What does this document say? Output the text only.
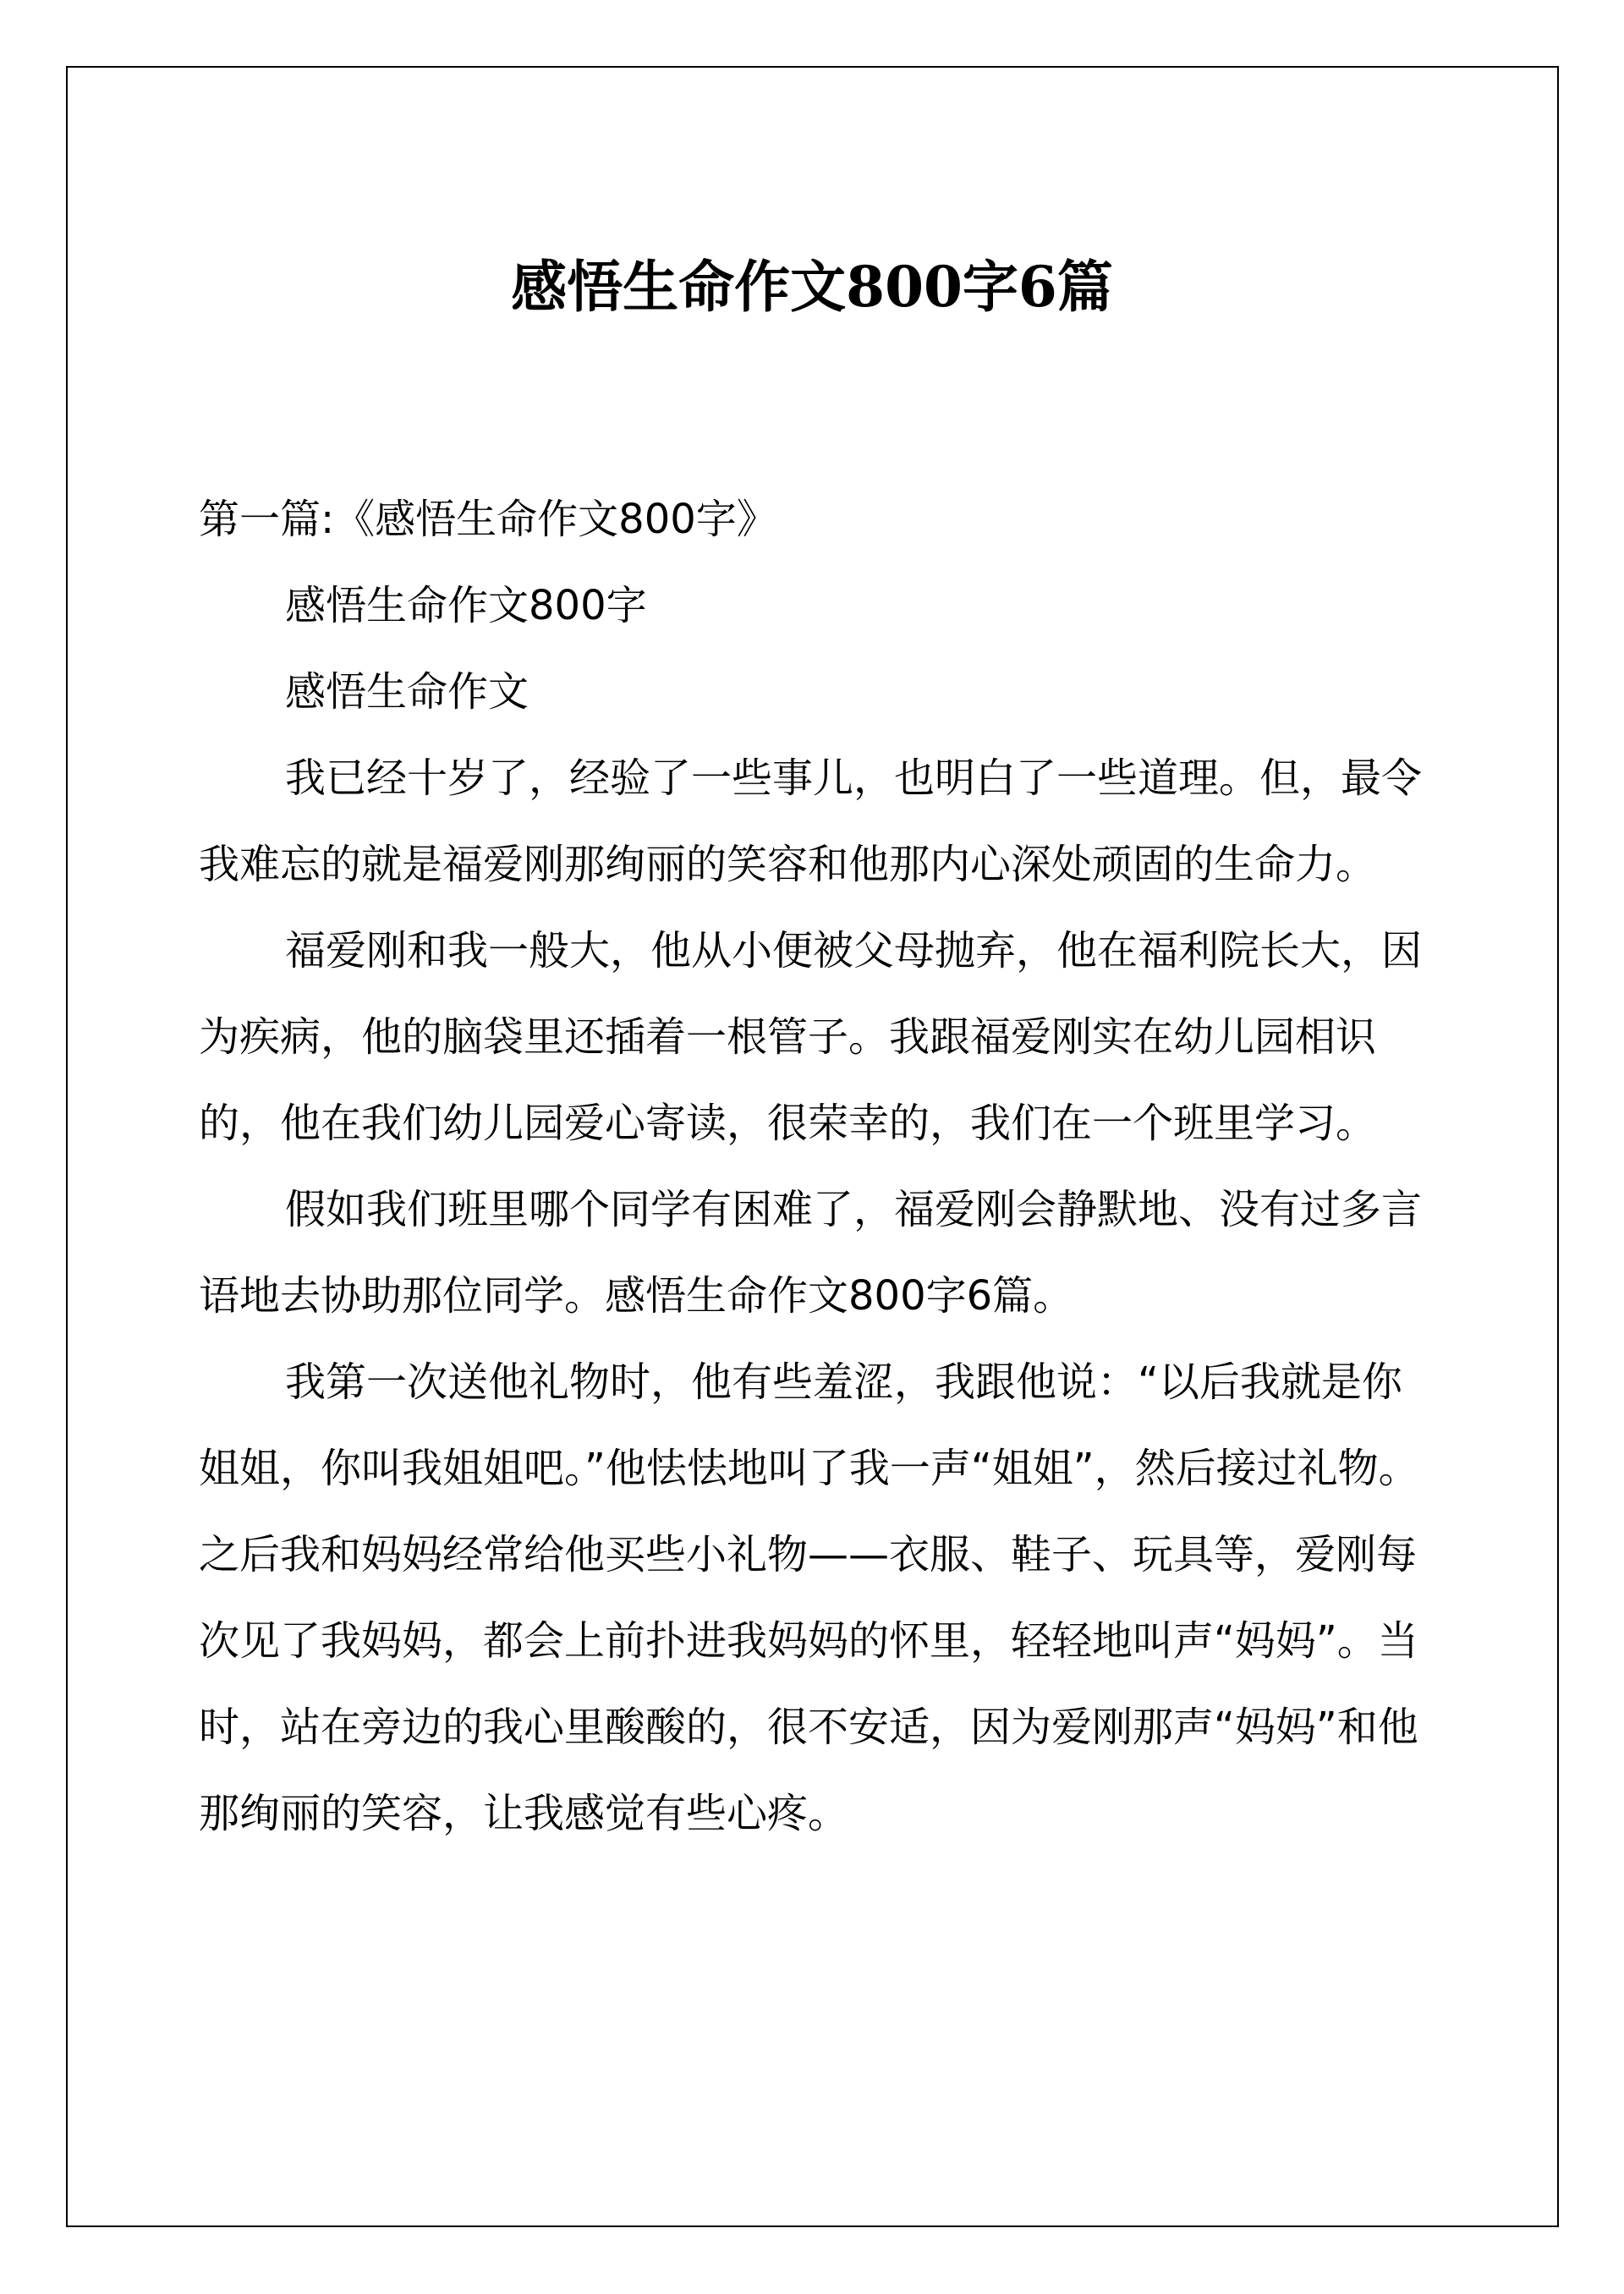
感悟生命作文800字6篇

第一篇:《感悟生命作文800字》

感悟生命作文800字

感悟生命作文

我已经十岁了，经验了一些事儿，也明白了一些道理。但，最令我难忘的就是福爱刚那绚丽的笑容和他那内心深处顽固的生命力。

福爱刚和我一般大，他从小便被父母抛弃，他在福利院长大，因为疾病，他的脑袋里还插着一根管子。我跟福爱刚实在幼儿园相识的，他在我们幼儿园爱心寄读，很荣幸的，我们在一个班里学习。

假如我们班里哪个同学有困难了，福爱刚会静默地、没有过多言语地去协助那位同学。感悟生命作文800字6篇。

我第一次送他礼物时，他有些羞涩，我跟他说：“以后我就是你姐姐，你叫我姐姐吧。”他怯怯地叫了我一声“姐姐”，然后接过礼物。之后我和妈妈经常给他买些小礼物——衣服、鞋子、玩具等，爱刚每次见了我妈妈，都会上前扑进我妈妈的怀里，轻轻地叫声“妈妈”。当时，站在旁边的我心里酸酸的，很不安适，因为爱刚那声“妈妈”和他那绚丽的笑容，让我感觉有些心疼。
